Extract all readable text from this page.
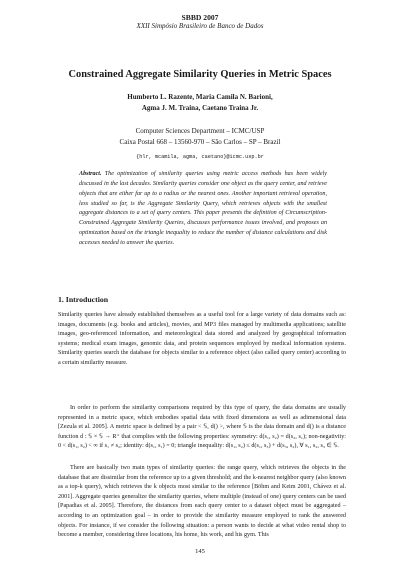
SBBD 2007
XXII Simpósio Brasileiro de Banco de Dados
Constrained Aggregate Similarity Queries in Metric Spaces
Humberto L. Razente, Maria Camila N. Barioni,
Agma J. M. Traina, Caetano Traina Jr.
Computer Sciences Department – ICMC/USP
Caixa Postal 668 – 13560-970 – São Carlos – SP – Brazil
{hlr, mcamila, agma, caetano}@icmc.usp.br
Abstract. The optimization of similarity queries using metric access methods has been widely discussed in the last decades. Similarity queries consider one object as the query center, and retrieve objects that are either far up to a radius or the nearest ones. Another important retrieval operation, less studied so far, is the Aggregate Similarity Query, which retrieves objects with the smallest aggregate distances to a set of query centers. This paper presents the definition of Circumscription-Constrained Aggregate Similarity Queries, discusses performance issues involved, and proposes an optimization based on the triangle inequality to reduce the number of distance calculations and disk accesses needed to answer the queries.
1. Introduction
Similarity queries have already established themselves as a useful tool for a large variety of data domains such as: images, documents (e.g. books and articles), movies, and MP3 files managed by multimedia applications; satellite images, geo-referenced information, and meteorological data stored and analyzed by geographical information systems; medical exam images, genomic data, and protein sequences employed by medical information systems. Similarity queries search the database for objects similar to a reference object (also called query center) according to a certain similarity measure.
In order to perform the similarity comparisons required by this type of query, the data domains are usually represented in a metric space, which embodies spatial data with fixed dimensions as well as adimensional data [Zezula et al. 2005]. A metric space is defined by a pair < 𝕊, d() >, where 𝕊 is the data domain and d() is a distance function d : 𝕊 × 𝕊 → R⁺ that complies with the following properties: symmetry: d(s₁, s₂) = d(s₂, s₁); non-negativity: 0 < d(s₁, s₂) < ∞ if s₁ ≠ s₂; identity: d(s₁, s₁) = 0; triangle inequality: d(s₁, s₂) ≤ d(s₁, s₃) + d(s₃, s₂), ∀ s₁, s₂, s₃ ∈ 𝕊.
There are basically two main types of similarity queries: the range query, which retrieves the objects in the database that are dissimilar from the reference up to a given threshold; and the k-nearest neighbor query (also known as a top-k query), which retrieves the k objects most similar to the reference [Böhm and Keim 2001, Chávez et al. 2001]. Aggregate queries generalize the similarity queries, where multiple (instead of one) query centers can be used [Papadias et al. 2005]. Therefore, the distances from each query center to a dataset object must be aggregated – according to an optimization goal – in order to provide the similarity measure employed to rank the answered objects. For instance, if we consider the following situation: a person wants to decide at what video rental shop to become a member, considering three locations, his home, his work, and his gym. This
145
